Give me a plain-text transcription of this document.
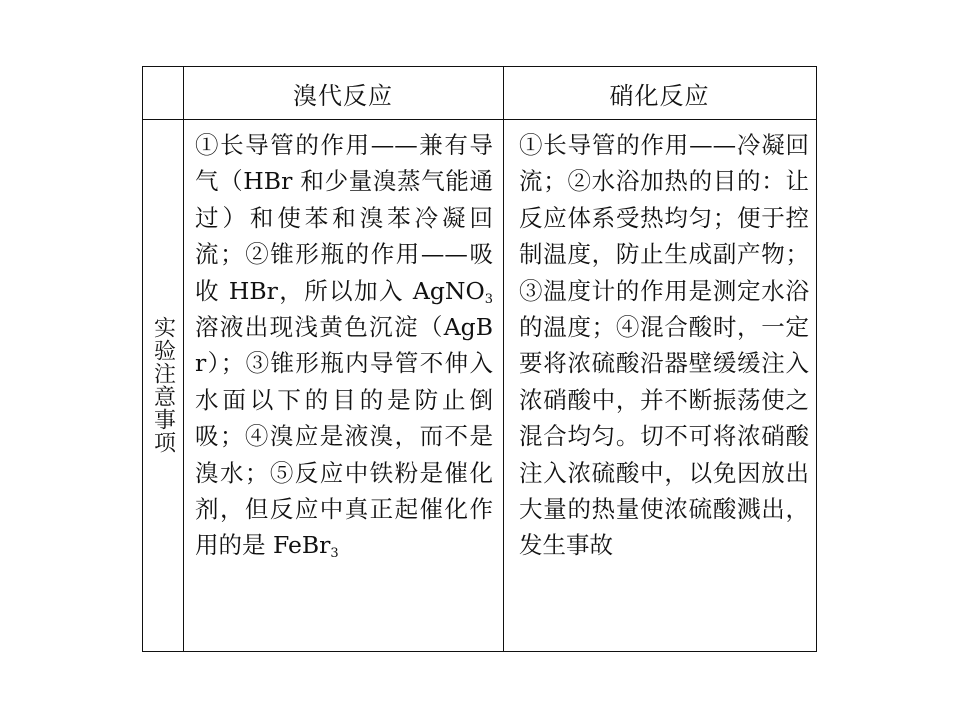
溴代反应	硝化反应
实验注意事项
①长导管的作用——兼有导气（HBr 和少量溴蒸气能通过）和使苯和溴苯冷凝回流；②锥形瓶的作用——吸收 HBr，所以加入 AgNO$_3$ 溶液出现浅黄色沉淀（AgBr）；③锥形瓶内导管不伸入水面以下的目的是防止倒吸；④溴应是液溴，而不是溴水；⑤反应中铁粉是催化剂，但反应中真正起催化作用的是 FeBr$_3$
①长导管的作用——冷凝回流；②水浴加热的目的：让反应体系受热均匀；便于控制温度，防止生成副产物；③温度计的作用是测定水浴的温度；④混合酸时，一定要将浓硫酸沿器壁缓缓注入浓硝酸中，并不断振荡使之混合均匀。切不可将浓硝酸注入浓硫酸中，以免因放出大量的热量使浓硫酸溅出，发生事故
